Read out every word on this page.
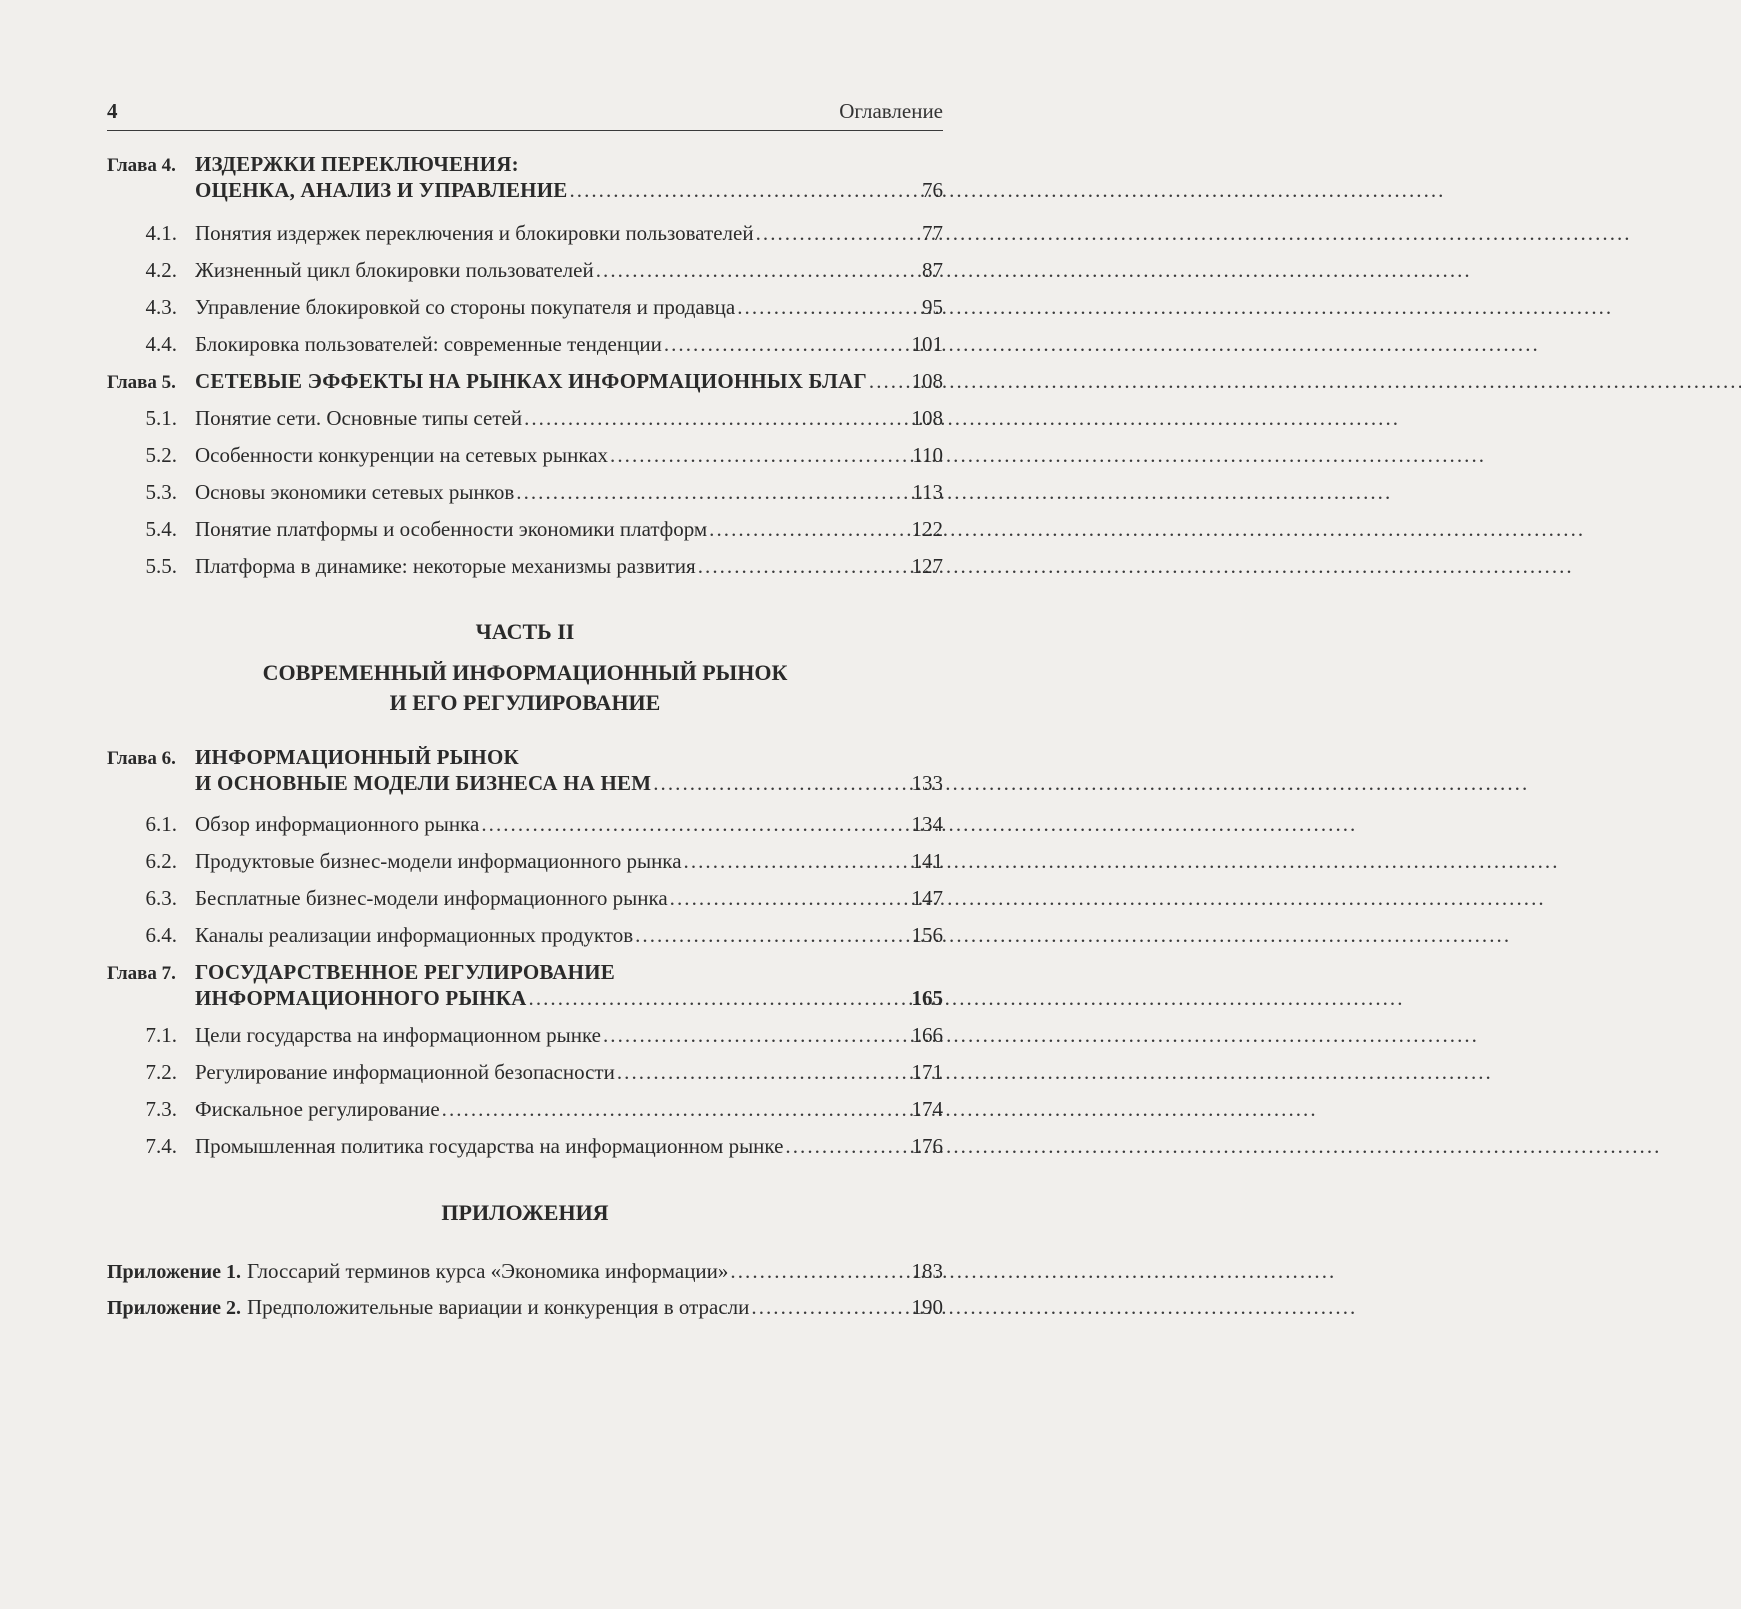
4	Оглавление
Глава 4. ИЗДЕРЖКИ ПЕРЕКЛЮЧЕНИЯ:
ОЦЕНКА, АНАЛИЗ И УПРАВЛЕНИЕ . . .	76
4.1. Понятия издержек переключения и блокировки пользователей . . .	77
4.2. Жизненный цикл блокировки пользователей . . .	87
4.3. Управление блокировкой со стороны покупателя и продавца . . .	95
4.4. Блокировка пользователей: современные тенденции . . .	101
Глава 5. СЕТЕВЫЕ ЭФФЕКТЫ НА РЫНКАХ ИНФОРМАЦИОННЫХ БЛАГ . . . 108
5.1. Понятие сети. Основные типы сетей . . .	108
5.2. Особенности конкуренции на сетевых рынках . . .	110
5.3. Основы экономики сетевых рынков . . .	113
5.4. Понятие платформы и особенности экономики платформ . . .	122
5.5. Платформа в динамике: некоторые механизмы развития . . .	127
ЧАСТЬ II
СОВРЕМЕННЫЙ ИНФОРМАЦИОННЫЙ РЫНОК
И ЕГО РЕГУЛИРОВАНИЕ
Глава 6. ИНФОРМАЦИОННЫЙ РЫНОК
И ОСНОВНЫЕ МОДЕЛИ БИЗНЕСА НА НЕМ . . .	133
6.1. Обзор информационного рынка . . .	134
6.2. Продуктовые бизнес-модели информационного рынка . . .	141
6.3. Бесплатные бизнес-модели информационного рынка . . .	147
6.4. Каналы реализации информационных продуктов . . .	156
Глава 7. ГОСУДАРСТВЕННОЕ РЕГУЛИРОВАНИЕ
ИНФОРМАЦИОННОГО РЫНКА . . .	165
7.1. Цели государства на информационном рынке . . .	166
7.2. Регулирование информационной безопасности . . .	171
7.3. Фискальное регулирование . . .	174
7.4. Промышленная политика государства на информационном рынке . . .	176
ПРИЛОЖЕНИЯ
Приложение 1. Глоссарий терминов курса «Экономика информации» . . .	183
Приложение 2. Предположительные вариации и конкуренция в отрасли . . .	190
